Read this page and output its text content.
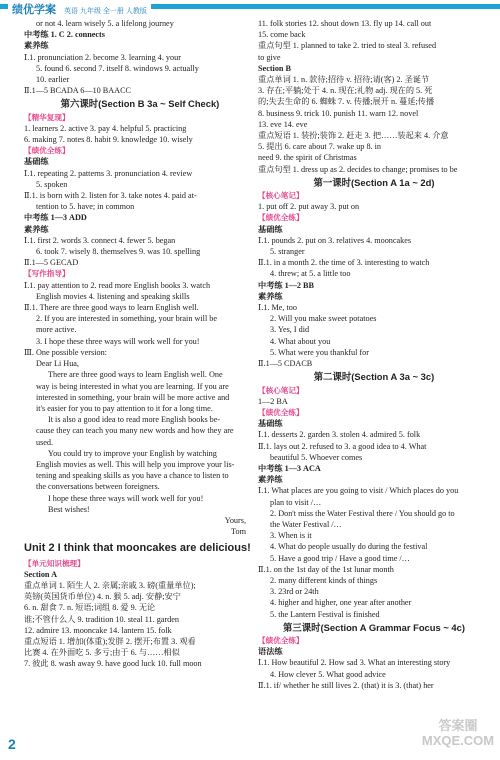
绩优学案 英语 九年级 全一册 人教版
or not 4. learn wisely 5. a lifelong journey
中考练 1. C 2. connects
素养练
Ⅰ.1. pronunciation 2. become 3. learning 4. your
5. found 6. second 7. itself 8. windows 9. actually
10. earlier
Ⅱ.1—5 BCADA 6—10 BAACC
第六课时(Section B 3a ~ Self Check)
【精华复现】
1. learners 2. active 3. pay 4. helpful 5. practicing
6. making 7. notes 8. habit 9. knowledge 10. wisely
【绩优全练】
基础练
Ⅰ.1. repeating 2. patterns 3. pronunciation 4. review
5. spoken
Ⅱ.1. is born with 2. listen for 3. take notes 4. paid at-
tention to 5. have; in common
中考练 1—3 ADD
素养练
Ⅰ.1. first 2. words 3. connect 4. fewer 5. began
6. took 7. wisely 8. themselves 9. was 10. spelling
Ⅱ.1—5 GECAD
【写作指导】
Ⅰ.1. pay attention to 2. read more English books 3. watch
English movies 4. listening and speaking skills
Ⅱ.1. There are three good ways to learn English well.
2. If you are interested in something, your brain will be
more active.
3. I hope these three ways will work well for you!
Ⅲ. One possible version:
Dear Li Hua,
There are three good ways to learn English well. One
way is being interested in what you are learning. If you are
interested in something, your brain will be more active and
it's easier for you to pay attention to it for a long time.
It is also a good idea to read more English books be-
cause they can teach you many new words and how they are
used.
You could try to improve your English by watching
English movies as well. This will help you improve your lis-
tening and speaking skills as you have a chance to listen to
the conversations between foreigners.
I hope these three ways will work well for you!
Best wishes!
Yours,
Tom
Unit 2 I think that mooncakes are delicious!
【单元知识梳理】
Section A
重点单词 1. 陌生人 2. 亲属;亲戚 3. 磅(重量单位);
英镑(英国货币单位) 4. n. 猴 5. adj. 安静;安宁
6. n. 甜食 7. n. 短语;词组 8. 爱 9. 无论
谁;不管什么人 9. tradition 10. steal 11. garden
12. admire 13. mooncake 14. lantern 15. folk
重点短语 1. 增加(体重);发胖 2. 摆开;布置 3. 观看
比赛 4. 在外面吃 5. 多亏;由于 6. 与……相似
7. 彼此 8. wash away 9. have good luck 10. full moon
11. folk stories 12. shout down 13. fly up 14. call out
15. come back
重点句型 1. planned to take 2. tried to steal 3. refused
to give
Section B
重点单词 1. n. 款待;招待 v. 招待;请(客) 2. 圣诞节
3. 存在;平躺;处于 4. n. 现在;礼物 adj. 现在的 5. 死
的;失去生命的 6. 蜘蛛 7. v. 传播;展开 n. 蔓延;传播
8. business 9. trick 10. punish 11. warn 12. novel
13. eve 14. eve
重点短语 1. 装扮;装饰 2. 赶走 3. 把……装起来 4. 介意
5. 提出 6. care about 7. wake up 8. in
need 9. the spirit of Christmas
重点句型 1. dress up as 2. decides to change; promises to be
第一课时(Section A 1a ~ 2d)
【核心笔记】
1. put off 2. put away 3. put on
【绩优全练】
基础练
Ⅰ.1. pounds 2. put on 3. relatives 4. mooncakes
5. stranger
Ⅱ.1. in a month 2. the time of 3. interesting to watch
4. threw; at 5. a little too
中考练 1—2 BB
素养练
Ⅰ.1. Me, too
2. Will you make sweet potatoes
3. Yes, I did
4. What about you
5. What were you thankful for
Ⅱ.1—5 CDACB
第二课时(Section A 3a ~ 3c)
【核心笔记】
1—2 BA
【绩优全练】
基础练
Ⅰ.1. desserts 2. garden 3. stolen 4. admired 5. folk
Ⅱ.1. lays out 2. refused to 3. a good idea to 4. What
beautiful 5. Whoever comes
中考练 1—3 ACA
素养练
Ⅰ.1. What places are you going to visit / Which places do you
plan to visit /…
2. Don't miss the Water Festival there / You should go to
the Water Festival /…
3. When is it
4. What do people usually do during the festival
5. Have a good trip / Have a good time /…
Ⅱ.1. on the 1st day of the 1st lunar month
2. many different kinds of things
3. 23rd or 24th
4. higher and higher, one year after another
5. the Lantern Festival is finished
第三课时(Section A Grammar Focus ~ 4c)
【绩优全练】
语法练
Ⅰ.1. How beautiful 2. How sad 3. What an interesting story
4. How clever 5. What good advice
Ⅱ.1. if/ whether he still lives 2. (that) it is 3. (that) her
2
答案圈
MXQE.COM
